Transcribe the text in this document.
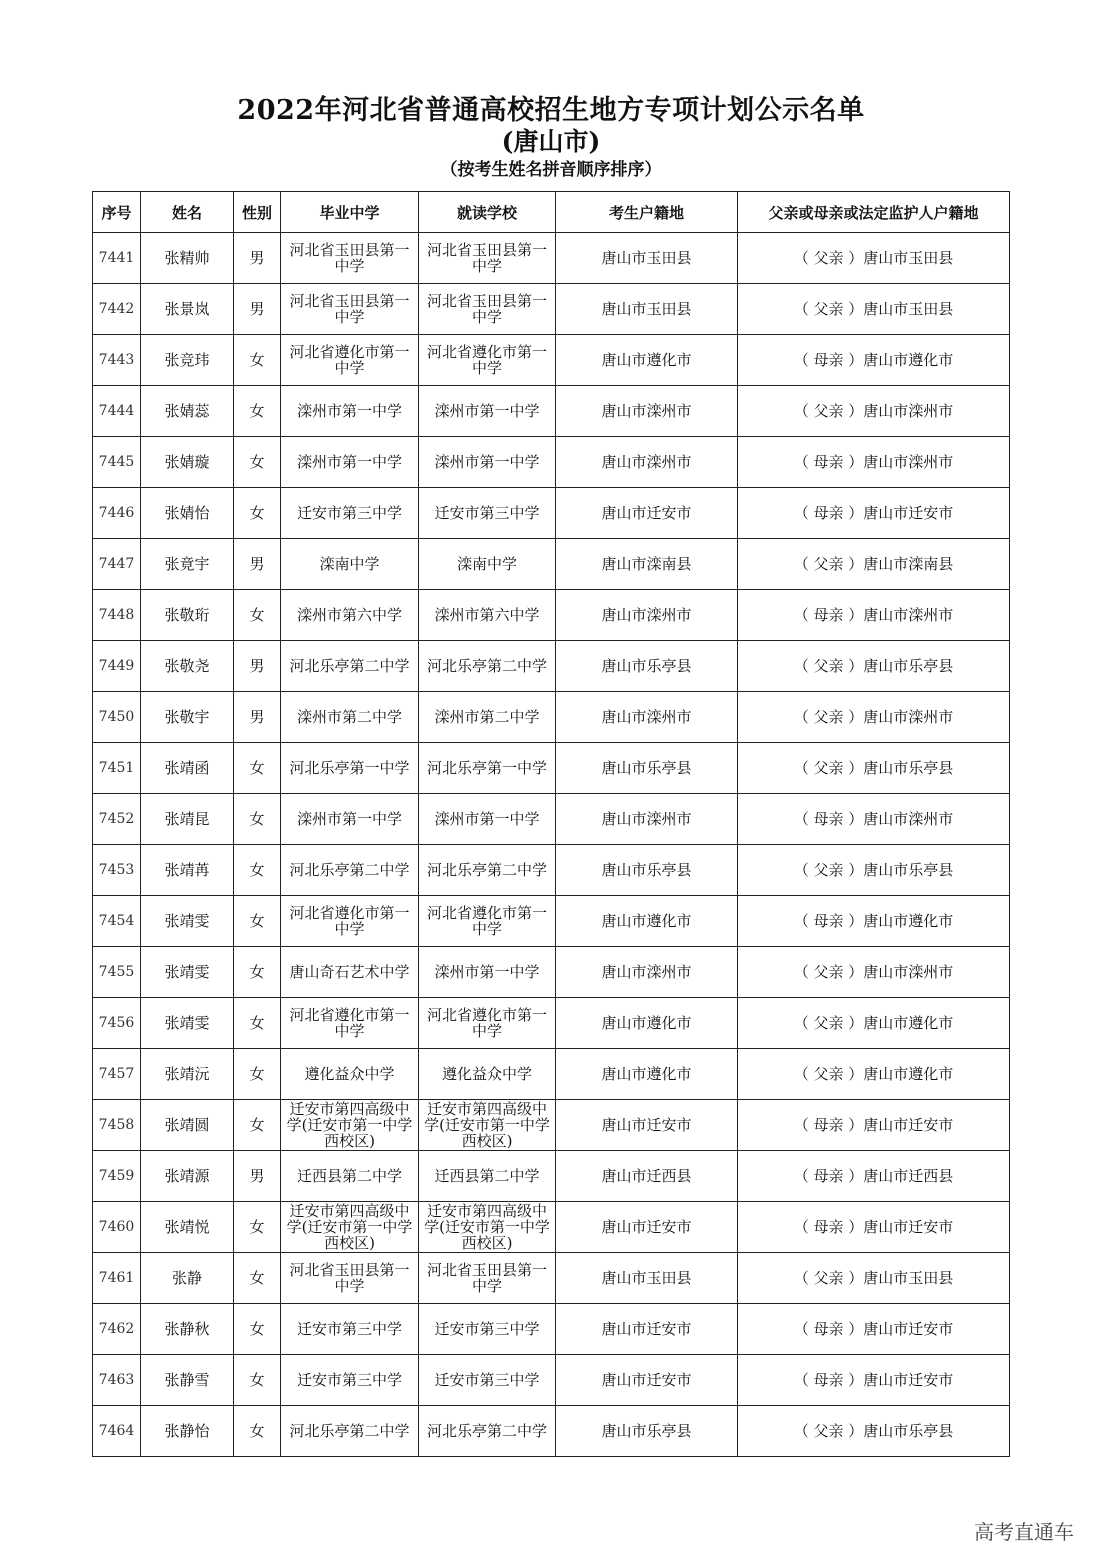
2022年河北省普通高校招生地方专项计划公示名单
(唐山市)
（按考生姓名拼音顺序排序）
序号	姓名	性别	毕业中学	就读学校	考生户籍地	父亲或母亲或法定监护人户籍地
7441	张精帅	男	河北省玉田县第一中学	河北省玉田县第一中学	唐山市玉田县	（ 父亲 ）唐山市玉田县
7442	张景岚	男	河北省玉田县第一中学	河北省玉田县第一中学	唐山市玉田县	（ 父亲 ）唐山市玉田县
7443	张竞玮	女	河北省遵化市第一中学	河北省遵化市第一中学	唐山市遵化市	（ 母亲 ）唐山市遵化市
7444	张婧蕊	女	滦州市第一中学	滦州市第一中学	唐山市滦州市	（ 父亲 ）唐山市滦州市
7445	张婧璇	女	滦州市第一中学	滦州市第一中学	唐山市滦州市	（ 母亲 ）唐山市滦州市
7446	张婧怡	女	迁安市第三中学	迁安市第三中学	唐山市迁安市	（ 母亲 ）唐山市迁安市
7447	张竟宇	男	滦南中学	滦南中学	唐山市滦南县	（ 父亲 ）唐山市滦南县
7448	张敬珩	女	滦州市第六中学	滦州市第六中学	唐山市滦州市	（ 母亲 ）唐山市滦州市
7449	张敬尧	男	河北乐亭第二中学	河北乐亭第二中学	唐山市乐亭县	（ 父亲 ）唐山市乐亭县
7450	张敬宇	男	滦州市第二中学	滦州市第二中学	唐山市滦州市	（ 父亲 ）唐山市滦州市
7451	张靖函	女	河北乐亭第一中学	河北乐亭第一中学	唐山市乐亭县	（ 父亲 ）唐山市乐亭县
7452	张靖昆	女	滦州市第一中学	滦州市第一中学	唐山市滦州市	（ 母亲 ）唐山市滦州市
7453	张靖苒	女	河北乐亭第二中学	河北乐亭第二中学	唐山市乐亭县	（ 父亲 ）唐山市乐亭县
7454	张靖雯	女	河北省遵化市第一中学	河北省遵化市第一中学	唐山市遵化市	（ 母亲 ）唐山市遵化市
7455	张靖雯	女	唐山奇石艺术中学	滦州市第一中学	唐山市滦州市	（ 父亲 ）唐山市滦州市
7456	张靖雯	女	河北省遵化市第一中学	河北省遵化市第一中学	唐山市遵化市	（ 父亲 ）唐山市遵化市
7457	张靖沅	女	遵化益众中学	遵化益众中学	唐山市遵化市	（ 父亲 ）唐山市遵化市
7458	张靖圆	女	迁安市第四高级中学(迁安市第一中学西校区)	迁安市第四高级中学(迁安市第一中学西校区)	唐山市迁安市	（ 母亲 ）唐山市迁安市
7459	张靖源	男	迁西县第二中学	迁西县第二中学	唐山市迁西县	（ 母亲 ）唐山市迁西县
7460	张靖悦	女	迁安市第四高级中学(迁安市第一中学西校区)	迁安市第四高级中学(迁安市第一中学西校区)	唐山市迁安市	（ 母亲 ）唐山市迁安市
7461	张静	女	河北省玉田县第一中学	河北省玉田县第一中学	唐山市玉田县	（ 父亲 ）唐山市玉田县
7462	张静秋	女	迁安市第三中学	迁安市第三中学	唐山市迁安市	（ 母亲 ）唐山市迁安市
7463	张静雪	女	迁安市第三中学	迁安市第三中学	唐山市迁安市	（ 母亲 ）唐山市迁安市
7464	张静怡	女	河北乐亭第二中学	河北乐亭第二中学	唐山市乐亭县	（ 父亲 ）唐山市乐亭县
高考直通车
